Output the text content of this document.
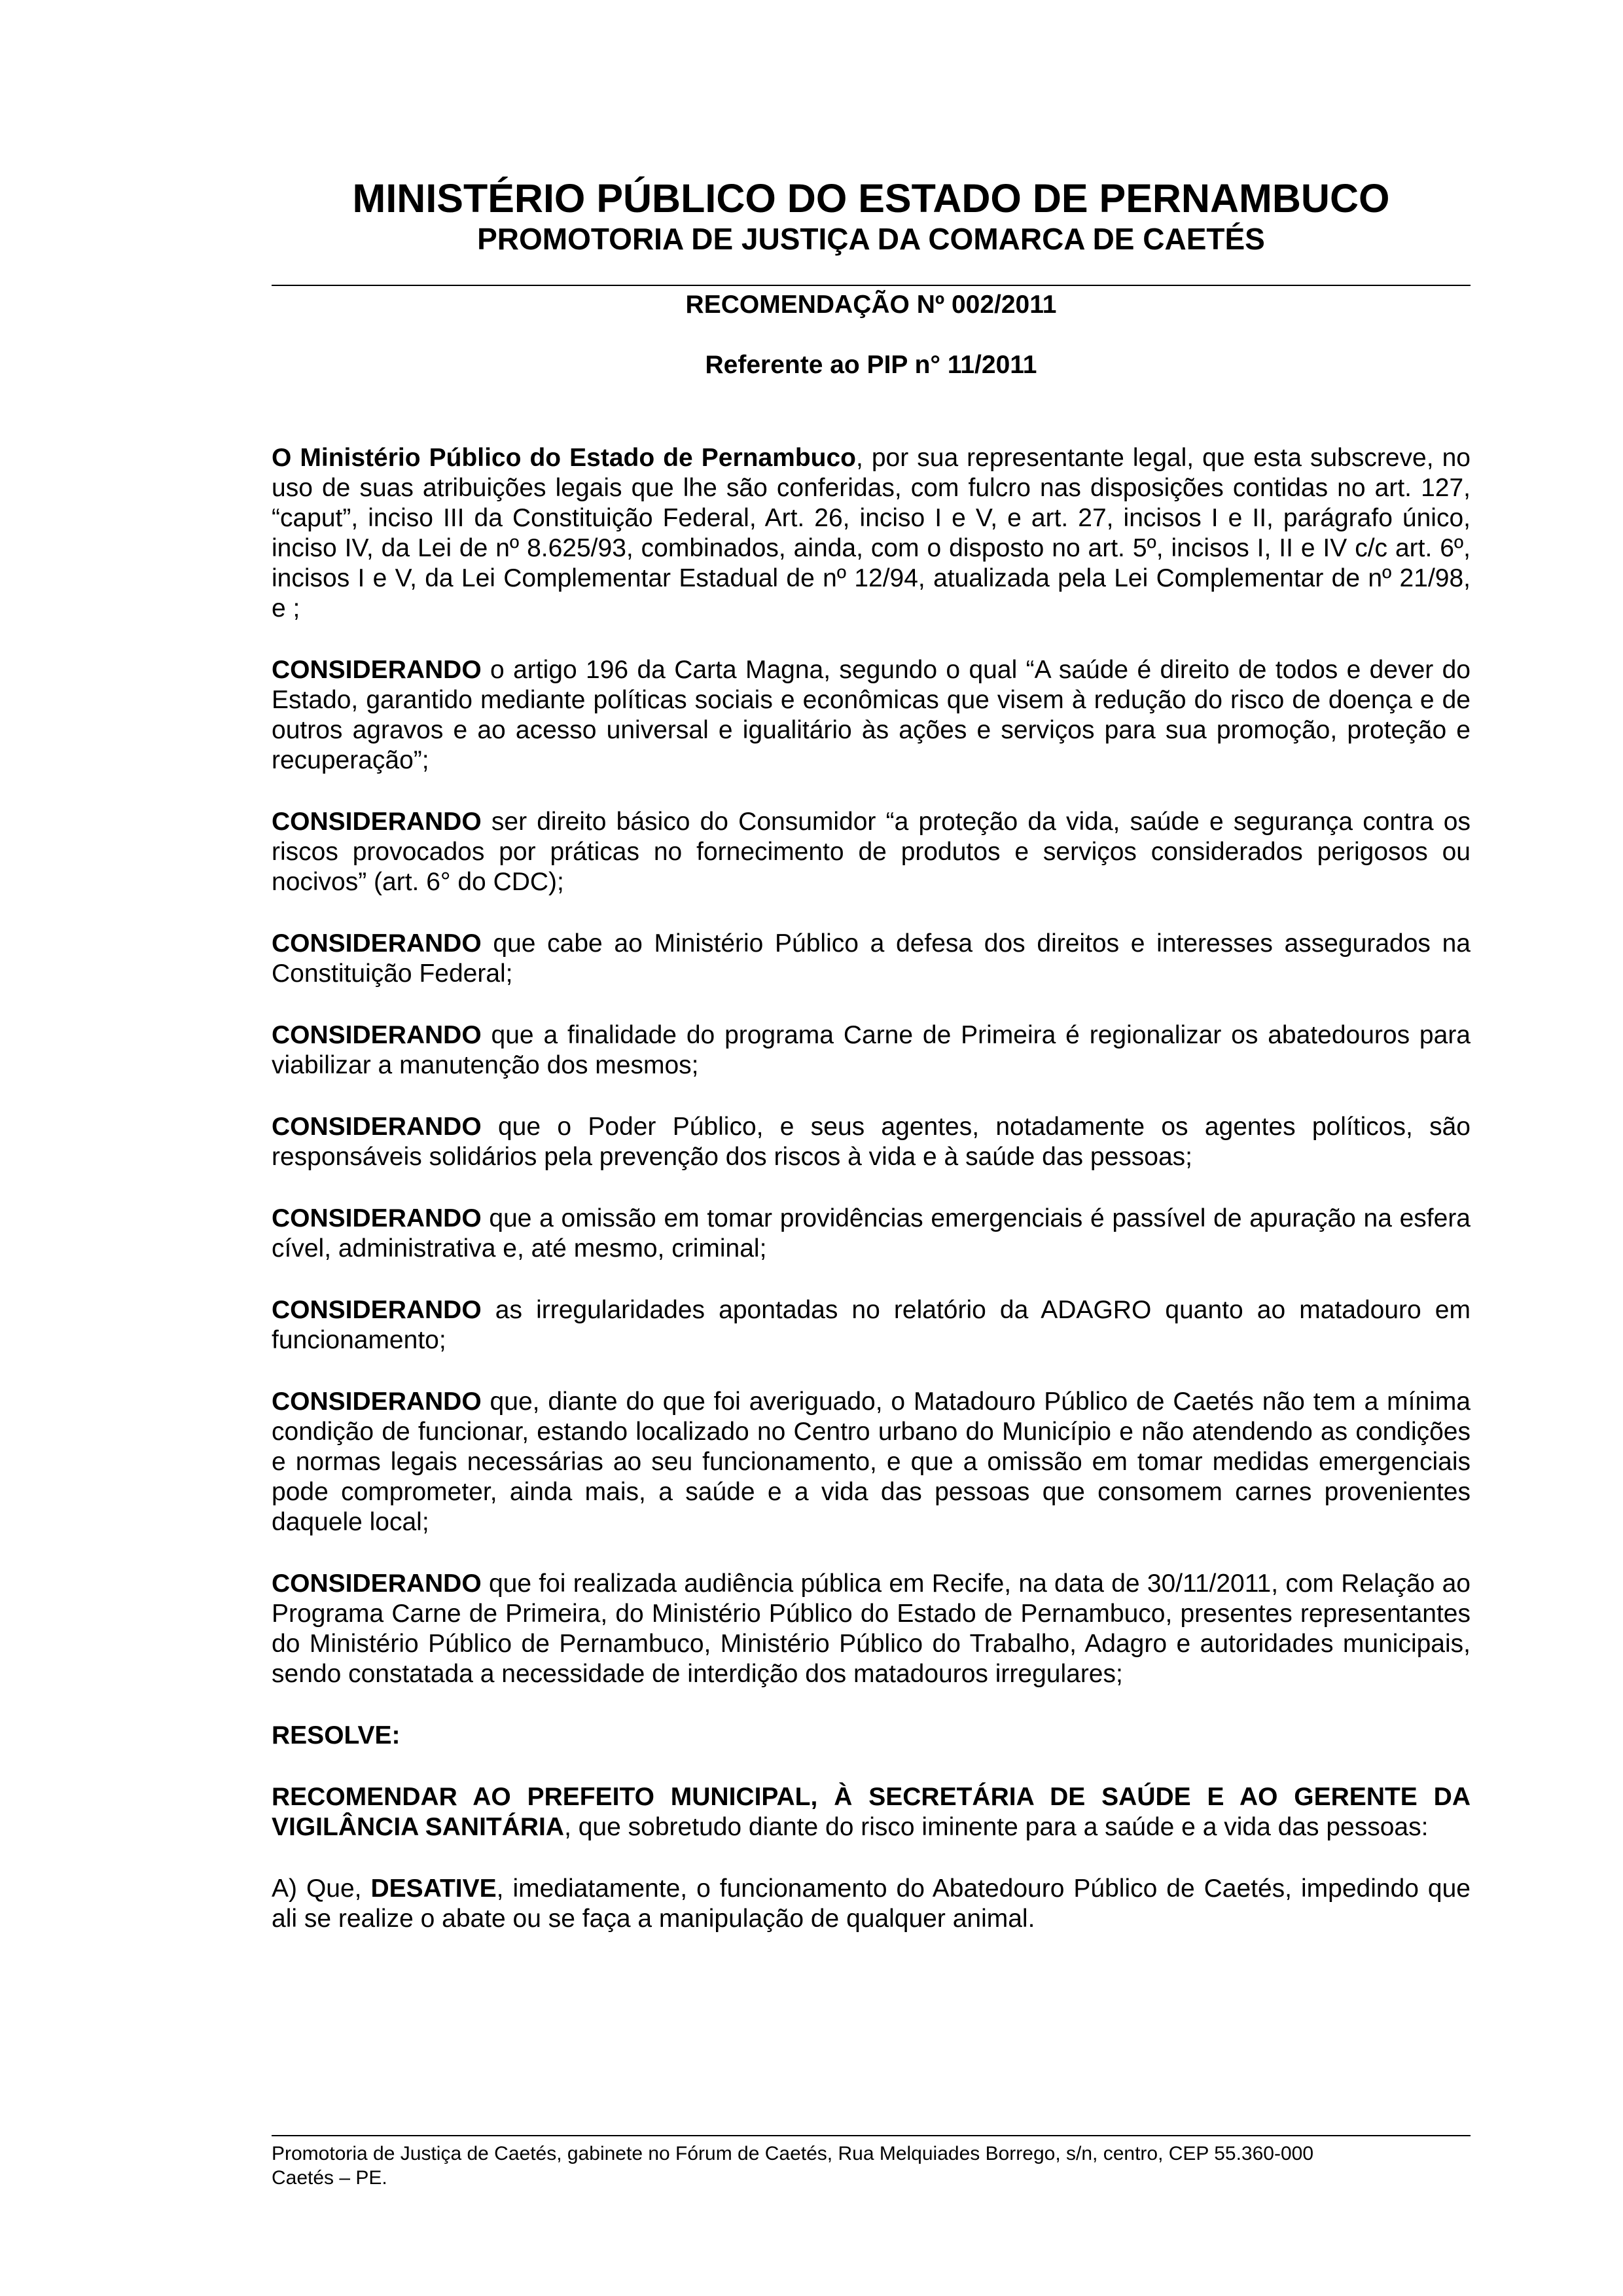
MINISTÉRIO PÚBLICO DO ESTADO DE PERNAMBUCO
PROMOTORIA DE JUSTIÇA DA COMARCA DE CAETÉS
RECOMENDAÇÃO Nº 002/2011
Referente ao PIP n° 11/2011

O Ministério Público do Estado de Pernambuco, por sua representante legal, que esta subscreve, no uso de suas atribuições legais que lhe são conferidas, com fulcro nas disposições contidas no art. 127, “caput”, inciso III da Constituição Federal, Art. 26, inciso I e V, e art. 27, incisos I e II, parágrafo único, inciso IV, da Lei de nº 8.625/93, combinados, ainda, com o disposto no art. 5º, incisos I, II e IV c/c art. 6º, incisos I e V, da Lei Complementar Estadual de nº 12/94, atualizada pela Lei Complementar de nº 21/98, e ;

CONSIDERANDO o artigo 196 da Carta Magna, segundo o qual “A saúde é direito de todos e dever do Estado, garantido mediante políticas sociais e econômicas que visem à redução do risco de doença e de outros agravos e ao acesso universal e igualitário às ações e serviços para sua promoção, proteção e recuperação”;

CONSIDERANDO ser direito básico do Consumidor “a proteção da vida, saúde e segurança contra os riscos provocados por práticas no fornecimento de produtos e serviços considerados perigosos ou nocivos” (art. 6° do CDC);

CONSIDERANDO que cabe ao Ministério Público a defesa dos direitos e interesses assegurados na Constituição Federal;

CONSIDERANDO que a finalidade do programa Carne de Primeira é regionalizar os abatedouros para viabilizar a manutenção dos mesmos;

CONSIDERANDO que o Poder Público, e seus agentes, notadamente os agentes políticos, são responsáveis solidários pela prevenção dos riscos à vida e à saúde das pessoas;

CONSIDERANDO que a omissão em tomar providências emergenciais é passível de apuração na esfera cível, administrativa e, até mesmo, criminal;

CONSIDERANDO as irregularidades apontadas no relatório da ADAGRO quanto ao matadouro em funcionamento;

CONSIDERANDO que, diante do que foi averiguado, o Matadouro Público de Caetés não tem a mínima condição de funcionar, estando localizado no Centro urbano do Município e não atendendo as condições e normas legais necessárias ao seu funcionamento, e que a omissão em tomar medidas emergenciais pode comprometer, ainda mais, a saúde e a vida das pessoas que consomem carnes provenientes daquele local;

CONSIDERANDO que foi realizada audiência pública em Recife, na data de 30/11/2011, com Relação ao Programa Carne de Primeira, do Ministério Público do Estado de Pernambuco, presentes representantes do Ministério Público de Pernambuco, Ministério Público do Trabalho, Adagro e autoridades municipais, sendo constatada a necessidade de interdição dos matadouros irregulares;

RESOLVE:

RECOMENDAR AO PREFEITO MUNICIPAL, À SECRETÁRIA DE SAÚDE E AO GERENTE DA VIGILÂNCIA SANITÁRIA, que sobretudo diante do risco iminente para a saúde e a vida das pessoas:

A) Que, DESATIVE, imediatamente, o funcionamento do Abatedouro Público de Caetés, impedindo que ali se realize o abate ou se faça a manipulação de qualquer animal.

Promotoria de Justiça de Caetés, gabinete no Fórum de Caetés, Rua Melquiades Borrego, s/n, centro, CEP 55.360-000
Caetés – PE.
